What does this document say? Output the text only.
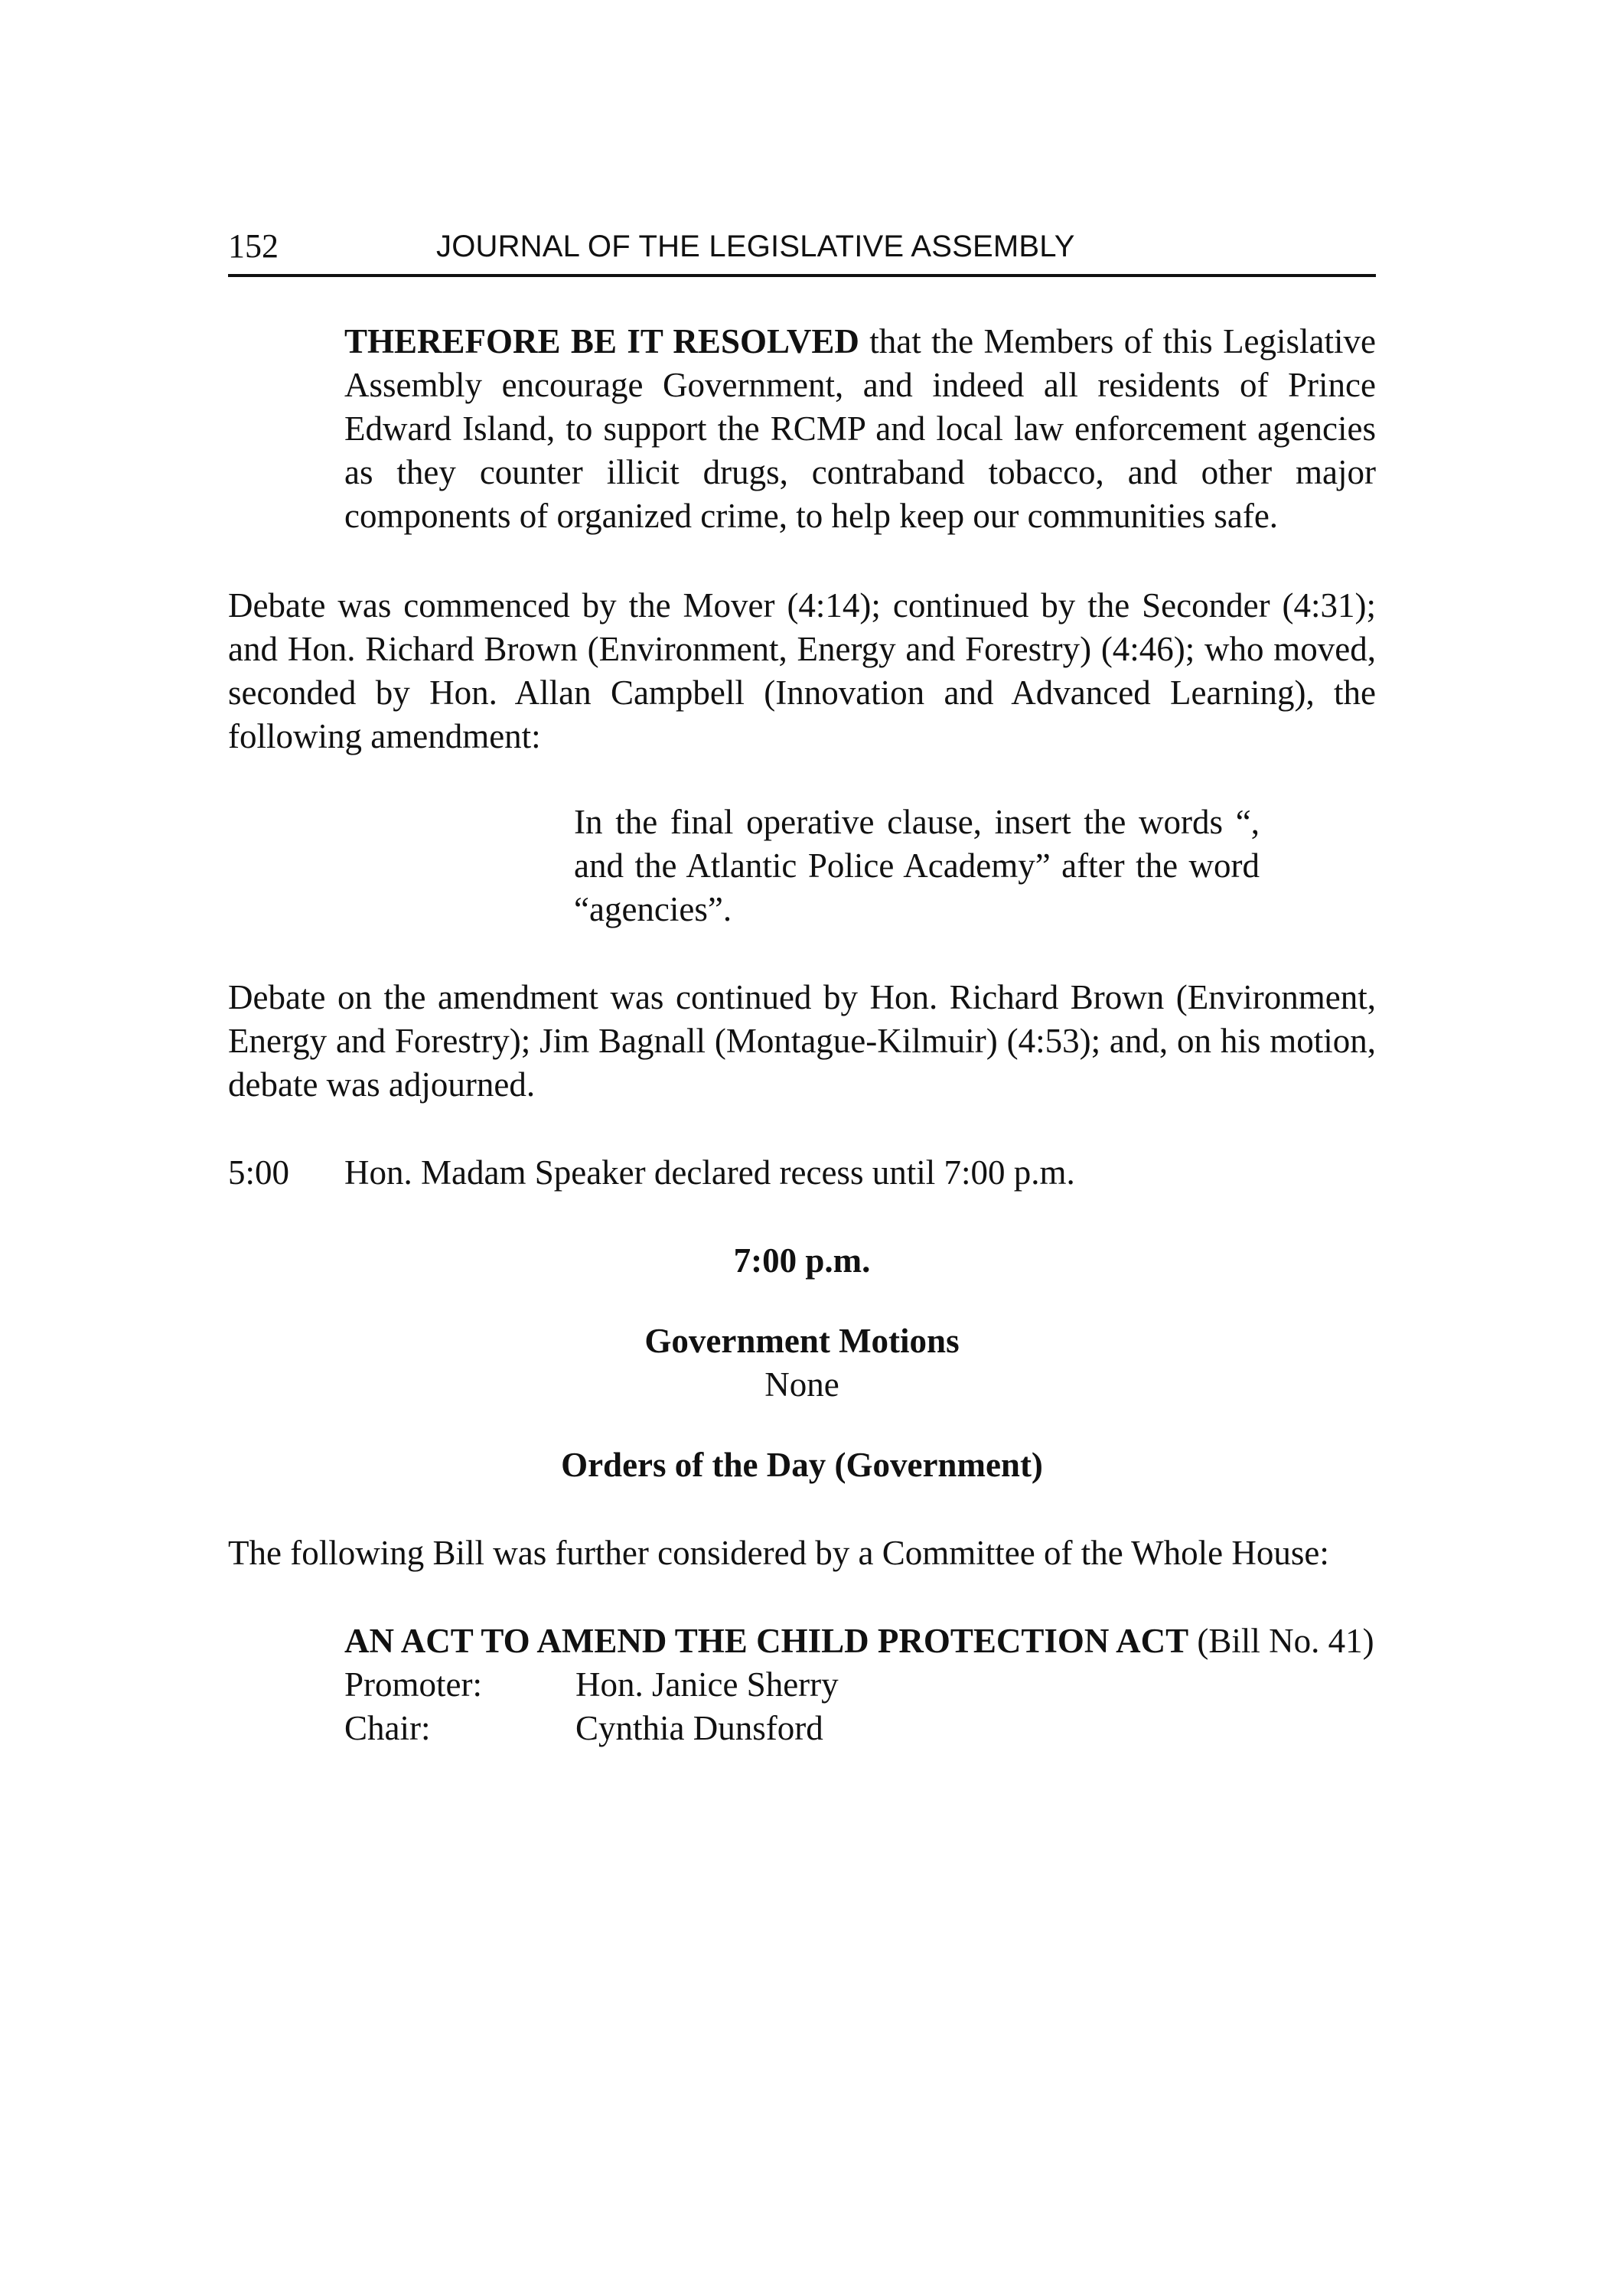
152	JOURNAL OF THE LEGISLATIVE ASSEMBLY

THEREFORE BE IT RESOLVED that the Members of this Legislative Assembly encourage Government, and indeed all residents of Prince Edward Island, to support the RCMP and local law enforcement agencies as they counter illicit drugs, contraband tobacco, and other major components of organized crime, to help keep our communities safe.

Debate was commenced by the Mover (4:14); continued by the Seconder (4:31); and Hon. Richard Brown (Environment, Energy and Forestry) (4:46); who moved, seconded by Hon. Allan Campbell (Innovation and Advanced Learning), the following amendment:

In the final operative clause, insert the words “, and the Atlantic Police Academy” after the word “agencies”.

Debate on the amendment was continued by Hon. Richard Brown (Environment, Energy and Forestry); Jim Bagnall (Montague-Kilmuir) (4:53); and, on his motion, debate was adjourned.

5:00	Hon. Madam Speaker declared recess until 7:00 p.m.

7:00 p.m.

Government Motions

None

Orders of the Day (Government)

The following Bill was further considered by a Committee of the Whole House:

AN ACT TO AMEND THE CHILD PROTECTION ACT (Bill No. 41)

Promoter:	Hon. Janice Sherry
Chair:	Cynthia Dunsford
